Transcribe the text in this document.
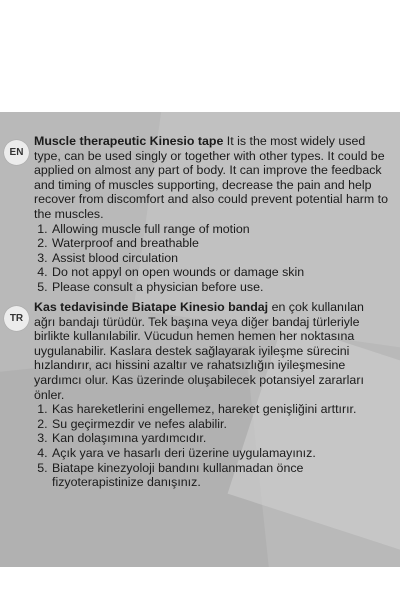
EN
Muscle therapeutic Kinesio tape It is the most widely used type, can be used singly or together with other types. It could be applied on almost any part of body. It can improve the feedback and timing of muscles supporting, decrease the pain and help recover from discomfort and also could prevent potential harm to the muscles.
1. Allowing muscle full range of motion
2. Waterproof and breathable
3. Assist blood circulation
4. Do not appyl on open wounds or damage skin
5. Please consult a physician before use.
TR
Kas tedavisinde Biatape Kinesio bandaj en çok kullanılan ağrı bandajı türüdür. Tek başına veya diğer bandaj türleriyle birlikte kullanılabilir. Vücudun hemen hemen her noktasına uygulanabilir. Kaslara destek sağlayarak iyileşme sürecini hızlandırır, acı hissini azaltır ve rahatsızlığın iyileşmesine yardımcı olur. Kas üzerinde oluşabilecek potansiyel zararları önler.
1. Kas hareketlerini engellemez, hareket genişliğini arttırır.
2. Su geçirmezdir ve nefes alabilir.
3. Kan dolaşımına yardımcıdır.
4. Açık yara ve hasarlı deri üzerine uygulamayınız.
5. Biatape kinezyoloji bandını kullanmadan önce fizyoterapistinize danışınız.
